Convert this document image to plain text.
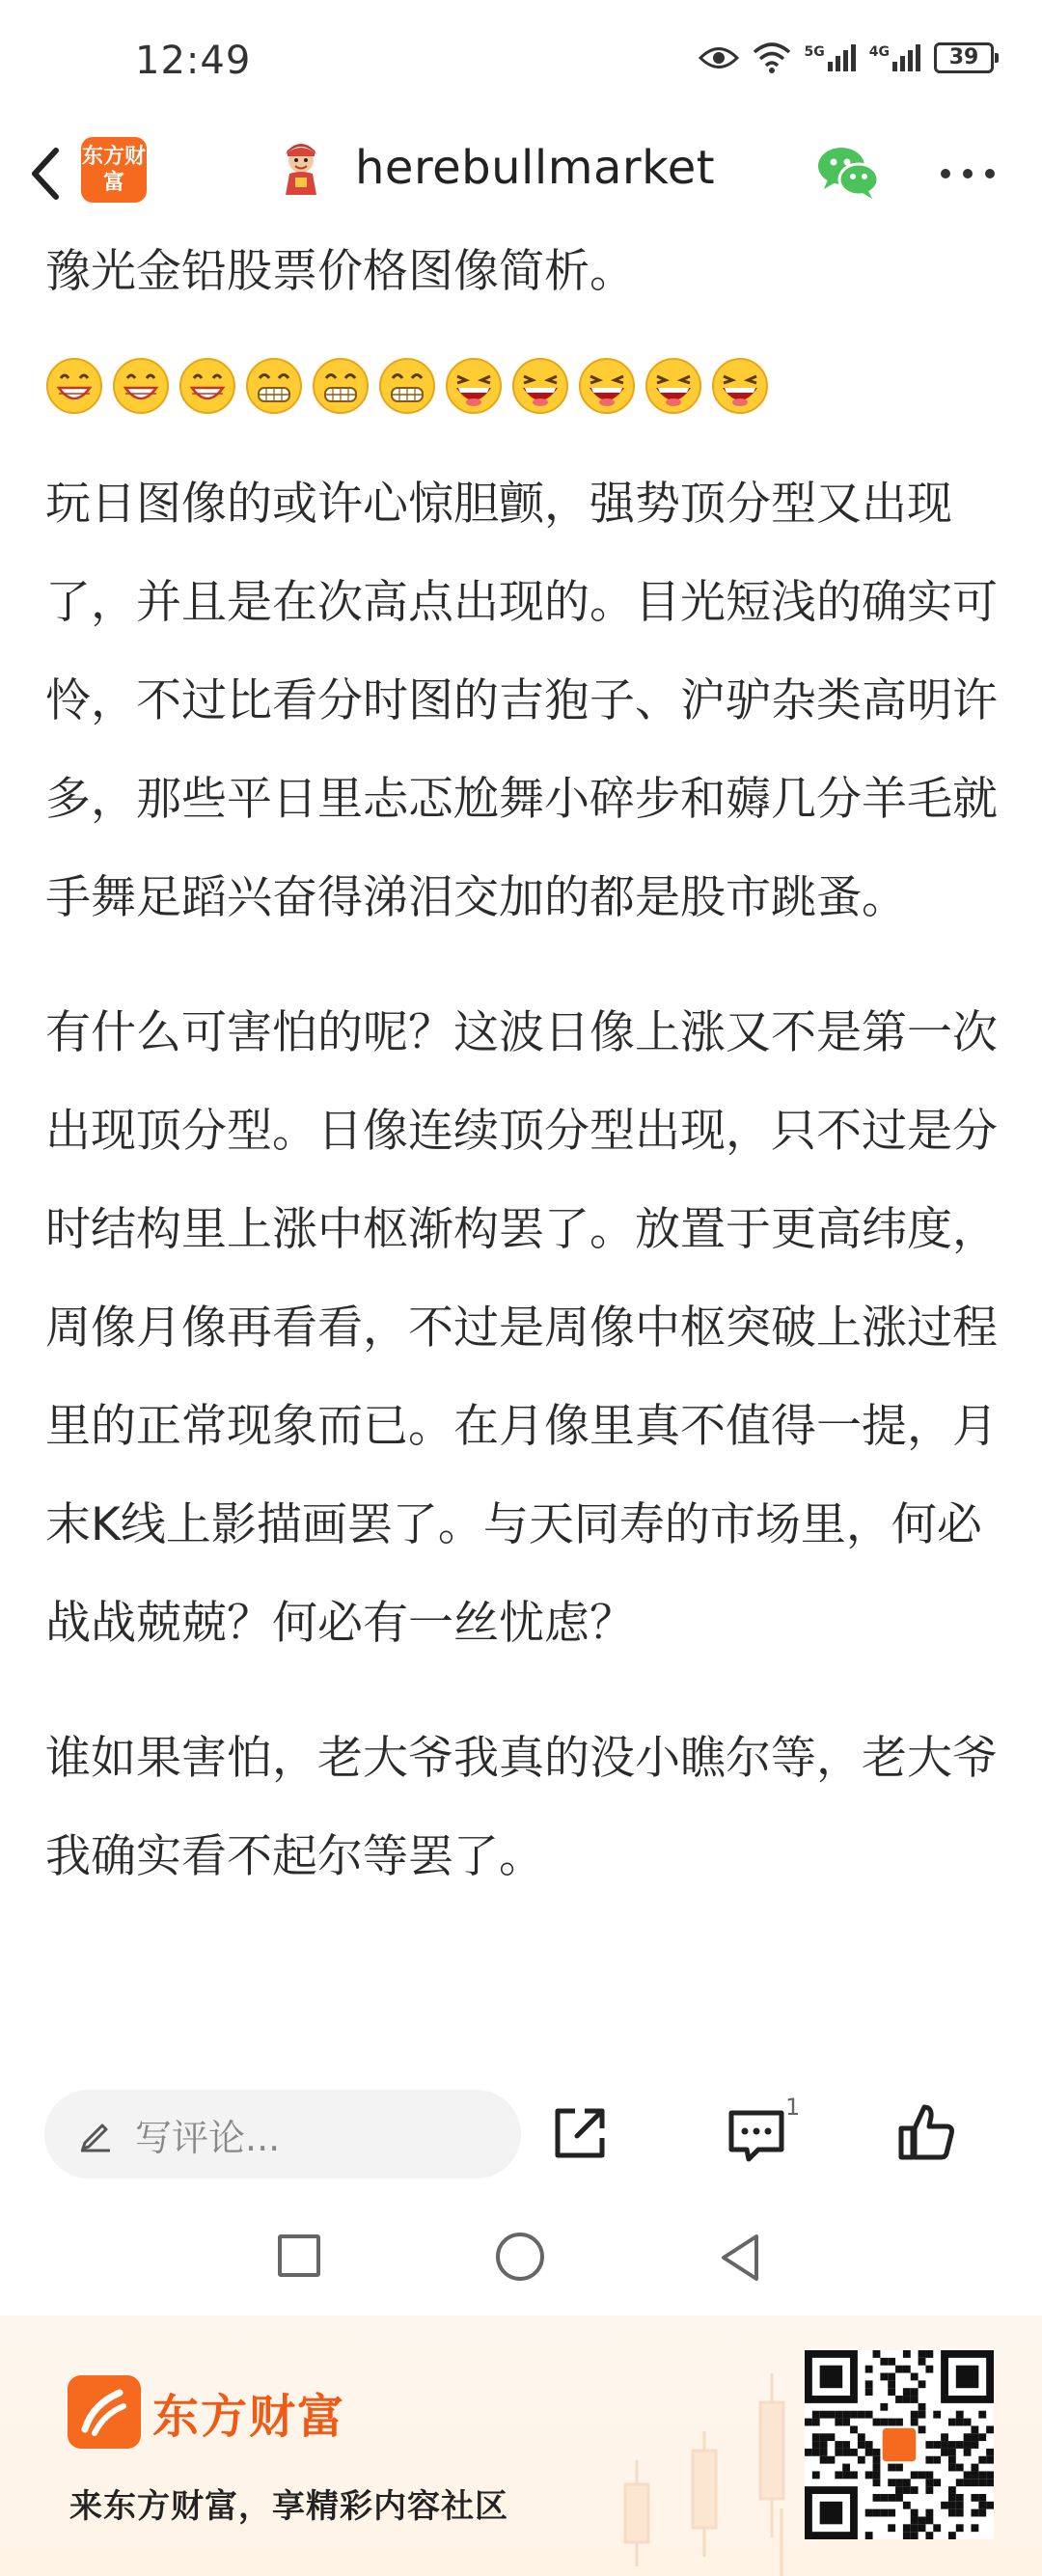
12:49	5G	4G	39
东方财富	herebullmarket

豫光金铅股票价格图像简析。

玩日图像的或许心惊胆颤，强势顶分型又出现了，并且是在次高点出现的。目光短浅的确实可怜，不过比看分时图的吉狍子、沪驴杂类高明许多，那些平日里忐忑尬舞小碎步和薅几分羊毛就手舞足蹈兴奋得涕泪交加的都是股市跳蚤。

有什么可害怕的呢？这波日像上涨又不是第一次出现顶分型。日像连续顶分型出现，只不过是分时结构里上涨中枢渐构罢了。放置于更高纬度，周像月像再看看，不过是周像中枢突破上涨过程里的正常现象而已。在月像里真不值得一提，月末K线上影描画罢了。与天同寿的市场里，何必战战兢兢？何必有一丝忧虑？

谁如果害怕，老大爷我真的没小瞧尔等，老大爷我确实看不起尔等罢了。

写评论...
1
东方财富
来东方财富，享精彩内容社区
